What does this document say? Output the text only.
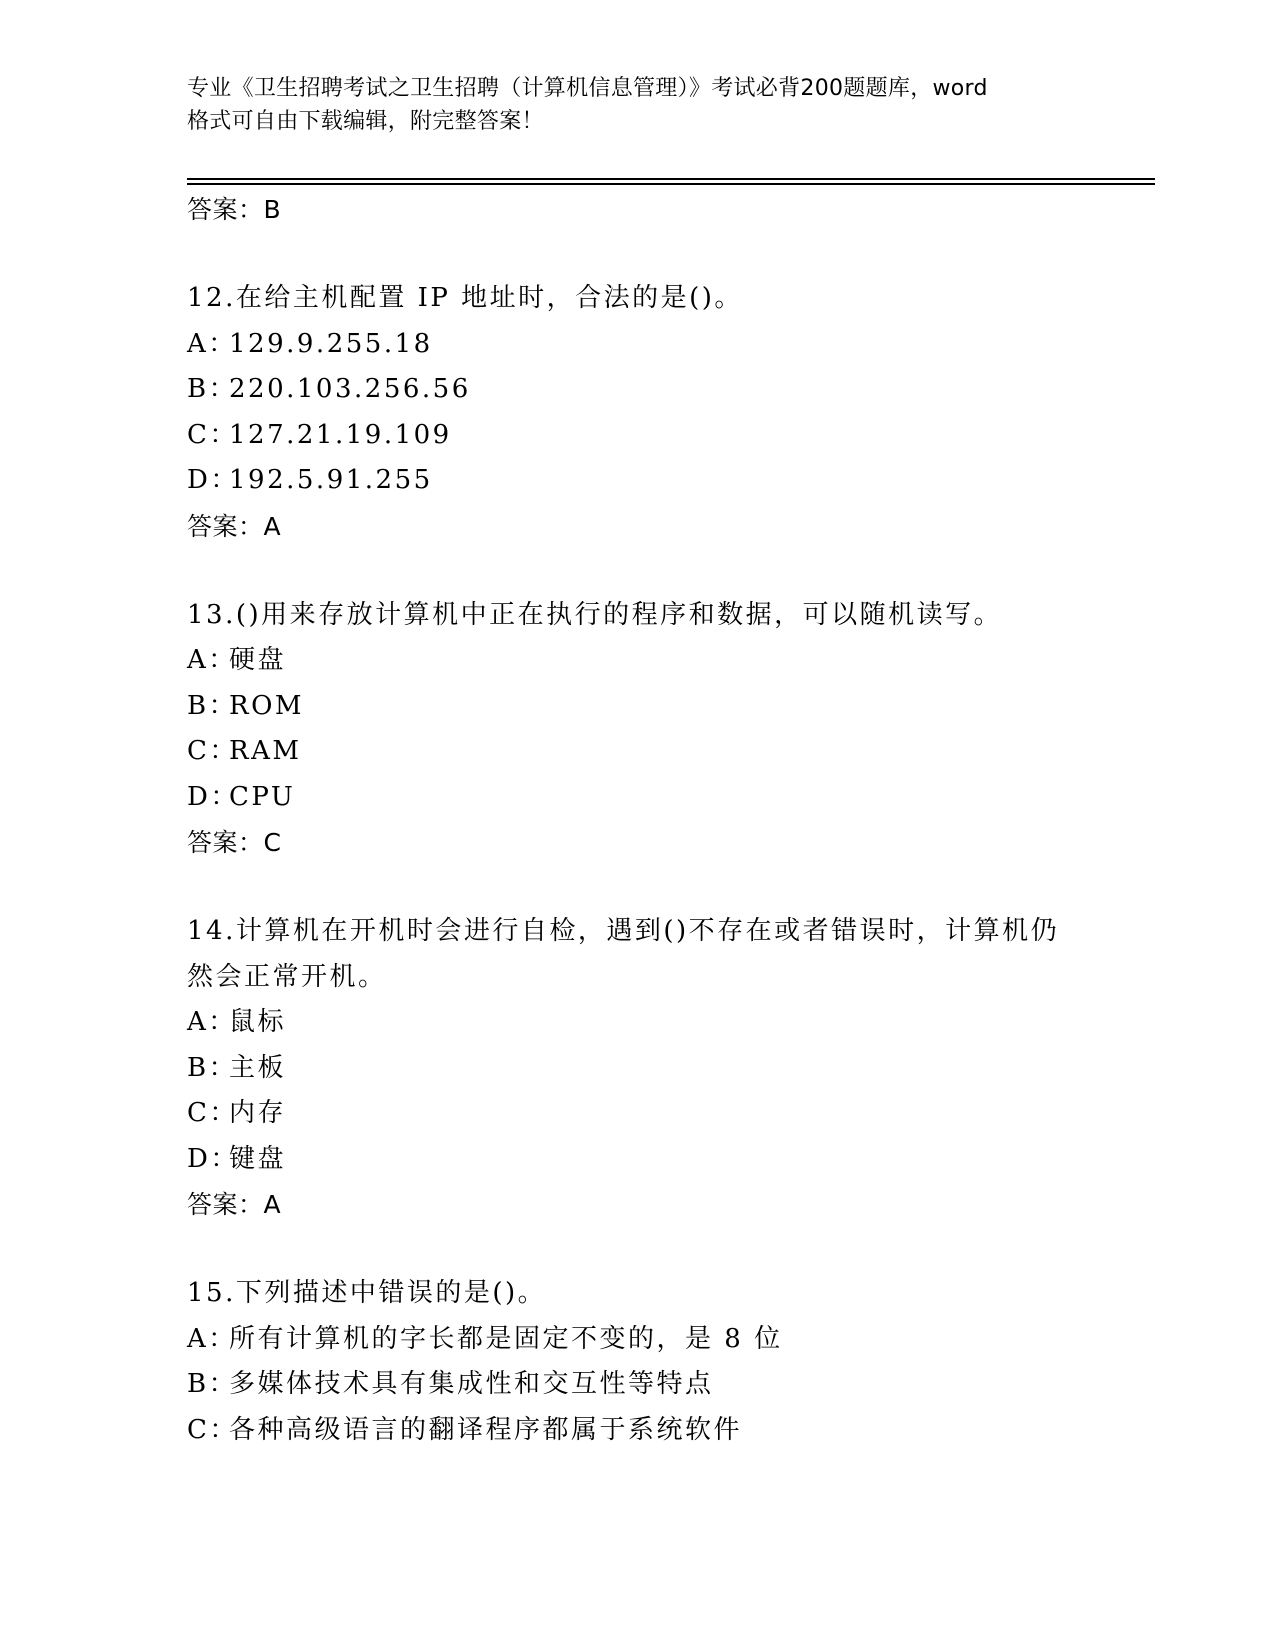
专业《卫生招聘考试之卫生招聘（计算机信息管理）》考试必背200题题库，word
格式可自由下载编辑，附完整答案！
答案：B
12.在给主机配置 IP 地址时，合法的是()。
A：129.9.255.18
B：220.103.256.56
C：127.21.19.109
D：192.5.91.255
答案：A
13.()用来存放计算机中正在执行的程序和数据，可以随机读写。
A：硬盘
B：ROM
C：RAM
D：CPU
答案：C
14.计算机在开机时会进行自检，遇到()不存在或者错误时，计算机仍
然会正常开机。
A：鼠标
B：主板
C：内存
D：键盘
答案：A
15.下列描述中错误的是()。
A：所有计算机的字长都是固定不变的，是 8 位
B：多媒体技术具有集成性和交互性等特点
C：各种高级语言的翻译程序都属于系统软件
